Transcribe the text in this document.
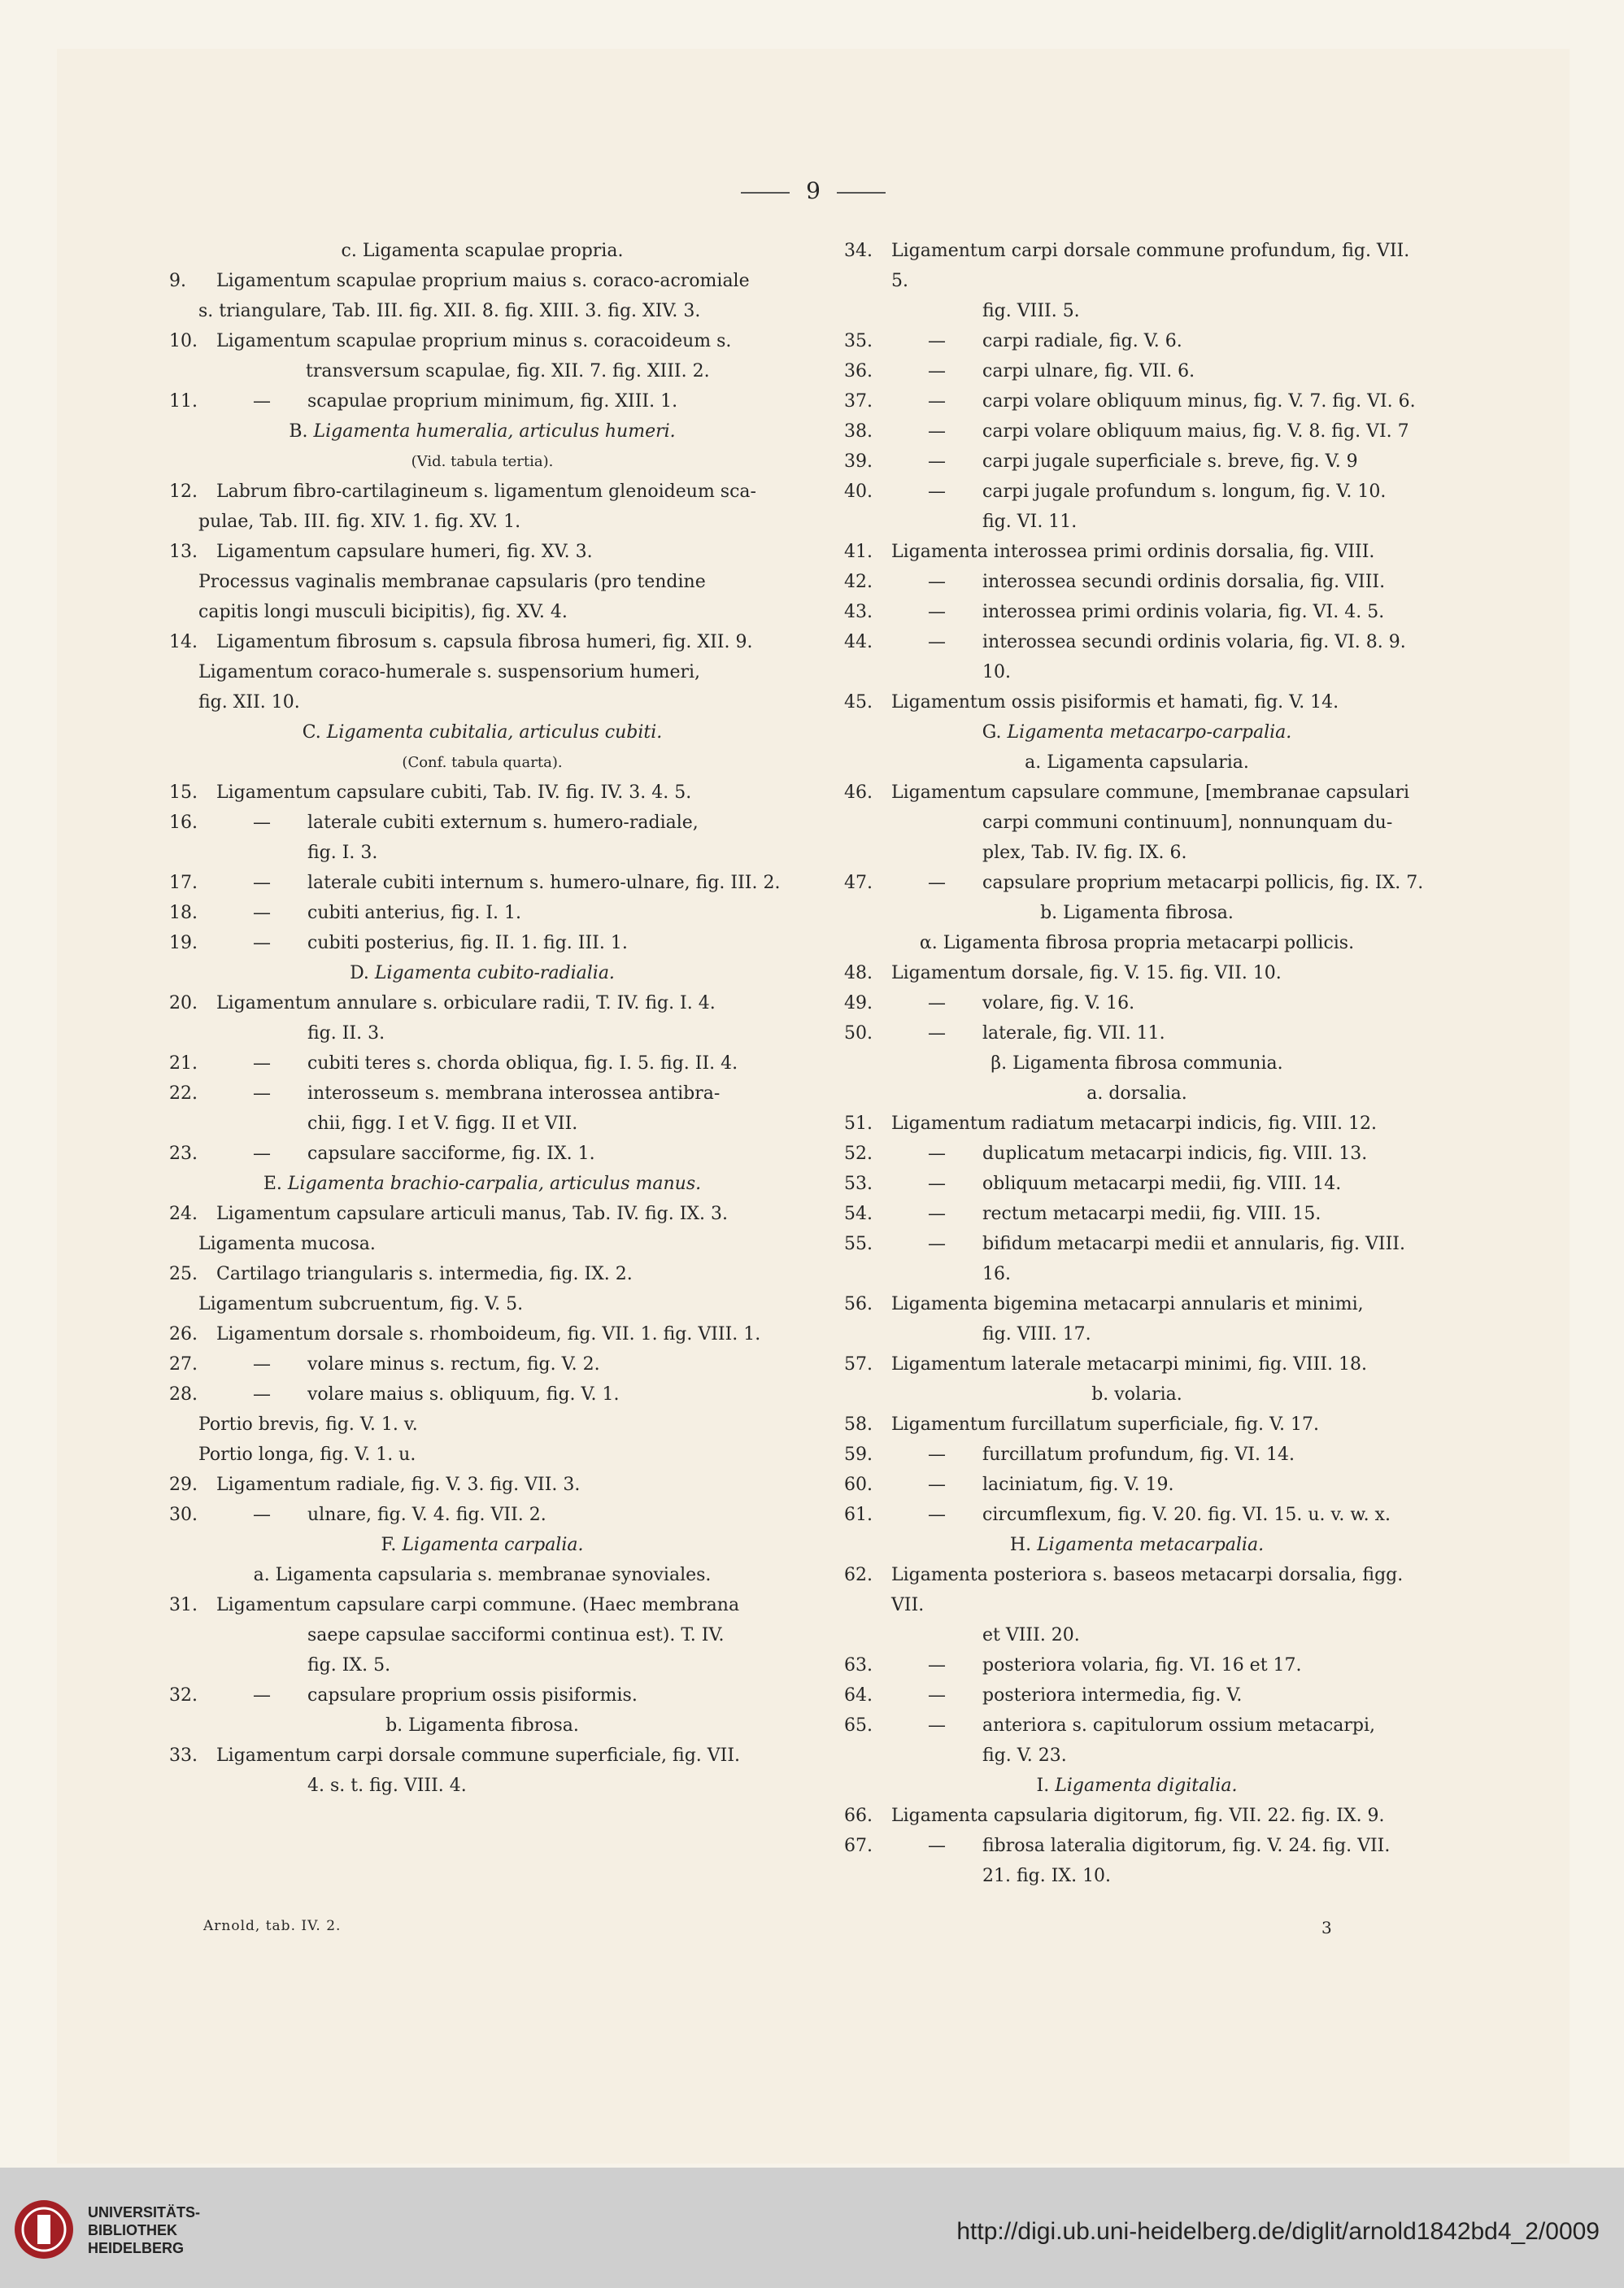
9
c. Ligamenta scapulae propria.
9.	Ligamentum scapulae proprium maius s. coraco-acromiale
s. triangulare, Tab. III. fig. XII. 8. fig. XIII. 3. fig. XIV. 3.
10.	Ligamentum scapulae proprium minus s. coracoideum s.
transversum scapulae, fig. XII. 7. fig. XIII. 2.
11.	—	scapulae proprium minimum, fig. XIII. 1.
B. Ligamenta humeralia, articulus humeri.
(Vid. tabula tertia).
12.	Labrum fibro-cartilagineum s. ligamentum glenoideum sca-
pulae, Tab. III. fig. XIV. 1. fig. XV. 1.
13.	Ligamentum capsulare humeri, fig. XV. 3.
Processus vaginalis membranae capsularis (pro tendine
capitis longi musculi bicipitis), fig. XV. 4.
14.	Ligamentum fibrosum s. capsula fibrosa humeri, fig. XII. 9.
Ligamentum coraco-humerale s. suspensorium humeri,
fig. XII. 10.
C. Ligamenta cubitalia, articulus cubiti.
(Conf. tabula quarta).
15.	Ligamentum capsulare cubiti, Tab. IV. fig. IV. 3. 4. 5.
16.	—	laterale cubiti externum s. humero-radiale,
fig. I. 3.
17.	—	laterale cubiti internum s. humero-ulnare, fig. III. 2.
18.	—	cubiti anterius, fig. I. 1.
19.	—	cubiti posterius, fig. II. 1. fig. III. 1.
D. Ligamenta cubito-radialia.
20.	Ligamentum annulare s. orbiculare radii, T. IV. fig. I. 4.
fig. II. 3.
21.	—	cubiti teres s. chorda obliqua, fig. I. 5. fig. II. 4.
22.	—	interosseum s. membrana interossea antibra-
chii, figg. I et V. figg. II et VII.
23.	—	capsulare sacciforme, fig. IX. 1.
E. Ligamenta brachio-carpalia, articulus manus.
24.	Ligamentum capsulare articuli manus, Tab. IV. fig. IX. 3.
Ligamenta mucosa.
25.	Cartilago triangularis s. intermedia, fig. IX. 2.
Ligamentum subcruentum, fig. V. 5.
26.	Ligamentum dorsale s. rhomboideum, fig. VII. 1. fig. VIII. 1.
27.	—	volare minus s. rectum, fig. V. 2.
28.	—	volare maius s. obliquum, fig. V. 1.
Portio brevis, fig. V. 1. v.
Portio longa, fig. V. 1. u.
29.	Ligamentum radiale, fig. V. 3. fig. VII. 3.
30.	—	ulnare, fig. V. 4. fig. VII. 2.
F. Ligamenta carpalia.
a. Ligamenta capsularia s. membranae synoviales.
31.	Ligamentum capsulare carpi commune. (Haec membrana
saepe capsulae sacciformi continua est). T. IV.
fig. IX. 5.
32.	—	capsulare proprium ossis pisiformis.
b. Ligamenta fibrosa.
33.	Ligamentum carpi dorsale commune superficiale, fig. VII.
4. s. t. fig. VIII. 4.
34.	Ligamentum carpi dorsale commune profundum, fig. VII. 5.
fig. VIII. 5.
35.	—	carpi radiale, fig. V. 6.
36.	—	carpi ulnare, fig. VII. 6.
37.	—	carpi volare obliquum minus, fig. V. 7. fig. VI. 6.
38.	—	carpi volare obliquum maius, fig. V. 8. fig. VI. 7
39.	—	carpi jugale superficiale s. breve, fig. V. 9
40.	—	carpi jugale profundum s. longum, fig. V. 10.
fig. VI. 11.
41.	Ligamenta interossea primi ordinis dorsalia, fig. VIII.
42.	—	interossea secundi ordinis dorsalia, fig. VIII.
43.	—	interossea primi ordinis volaria, fig. VI. 4. 5.
44.	—	interossea secundi ordinis volaria, fig. VI. 8. 9. 10.
45.	Ligamentum ossis pisiformis et hamati, fig. V. 14.
G. Ligamenta metacarpo-carpalia.
a. Ligamenta capsularia.
46.	Ligamentum capsulare commune, [membranae capsulari
carpi communi continuum], nonnunquam du-
plex, Tab. IV. fig. IX. 6.
47.	—	capsulare proprium metacarpi pollicis, fig. IX. 7.
b. Ligamenta fibrosa.
α. Ligamenta fibrosa propria metacarpi pollicis.
48.	Ligamentum dorsale, fig. V. 15. fig. VII. 10.
49.	—	volare, fig. V. 16.
50.	—	laterale, fig. VII. 11.
β. Ligamenta fibrosa communia.
a. dorsalia.
51.	Ligamentum radiatum metacarpi indicis, fig. VIII. 12.
52.	—	duplicatum metacarpi indicis, fig. VIII. 13.
53.	—	obliquum metacarpi medii, fig. VIII. 14.
54.	—	rectum metacarpi medii, fig. VIII. 15.
55.	—	bifidum metacarpi medii et annularis, fig. VIII. 16.
56.	Ligamenta bigemina metacarpi annularis et minimi,
fig. VIII. 17.
57.	Ligamentum laterale metacarpi minimi, fig. VIII. 18.
b. volaria.
58.	Ligamentum furcillatum superficiale, fig. V. 17.
59.	—	furcillatum profundum, fig. VI. 14.
60.	—	laciniatum, fig. V. 19.
61.	—	circumflexum, fig. V. 20. fig. VI. 15. u. v. w. x.
H. Ligamenta metacarpalia.
62.	Ligamenta posteriora s. baseos metacarpi dorsalia, figg. VII.
et VIII. 20.
63.	—	posteriora volaria, fig. VI. 16 et 17.
64.	—	posteriora intermedia, fig. V.
65.	—	anteriora s. capitulorum ossium metacarpi,
fig. V. 23.
I. Ligamenta digitalia.
66.	Ligamenta capsularia digitorum, fig. VII. 22. fig. IX. 9.
67.	—	fibrosa lateralia digitorum, fig. V. 24. fig. VII.
21. fig. IX. 10.
Arnold, tab. IV. 2.	3
UNIVERSITÄTS-
BIBLIOTHEK
HEIDELBERG
http://digi.ub.uni-heidelberg.de/diglit/arnold1842bd4_2/0009
